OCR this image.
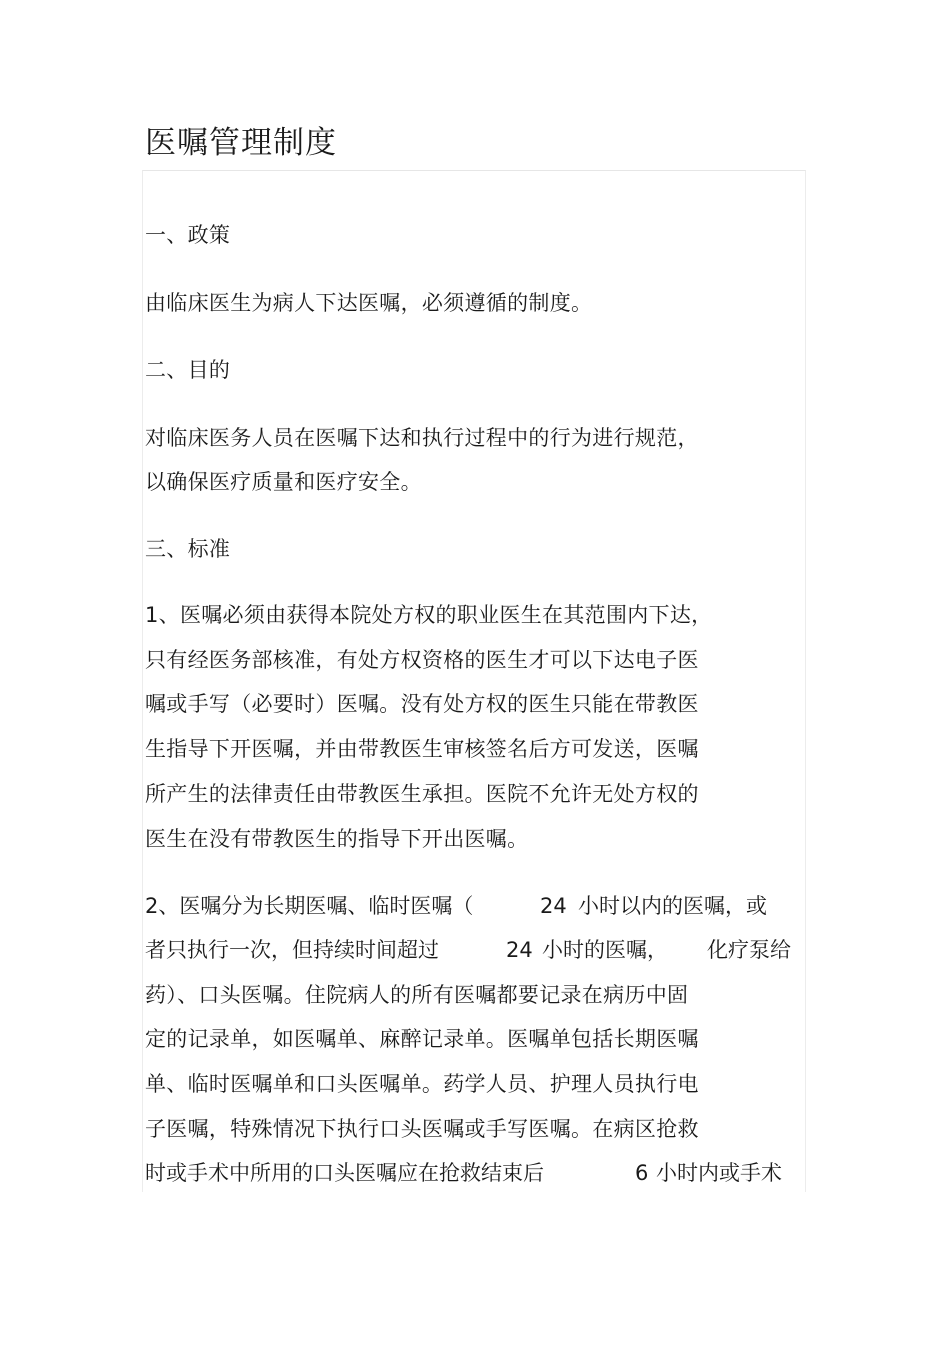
医嘱管理制度
一、政策
由临床医生为病人下达医嘱，必须遵循的制度。
二、目的
对临床医务人员在医嘱下达和执行过程中的行为进行规范，
以确保医疗质量和医疗安全。
三、标准
1、医嘱必须由获得本院处方权的职业医生在其范围内下达，
只有经医务部核准，有处方权资格的医生才可以下达电子医
嘱或手写（必要时）医嘱。没有处方权的医生只能在带教医
生指导下开医嘱，并由带教医生审核签名后方可发送，医嘱
所产生的法律责任由带教医生承担。医院不允许无处方权的
医生在没有带教医生的指导下开出医嘱。
2、医嘱分为长期医嘱、临时医嘱（	24 小时以内的医嘱，或
者只执行一次，但持续时间超过	24 小时的医嘱， 化疗泵给
药）、口头医嘱。住院病人的所有医嘱都要记录在病历中固
定的记录单，如医嘱单、麻醉记录单。医嘱单包括长期医嘱
单、临时医嘱单和口头医嘱单。药学人员、护理人员执行电
子医嘱，特殊情况下执行口头医嘱或手写医嘱。在病区抢救
时或手术中所用的口头医嘱应在抢救结束后	6 小时内或手术
